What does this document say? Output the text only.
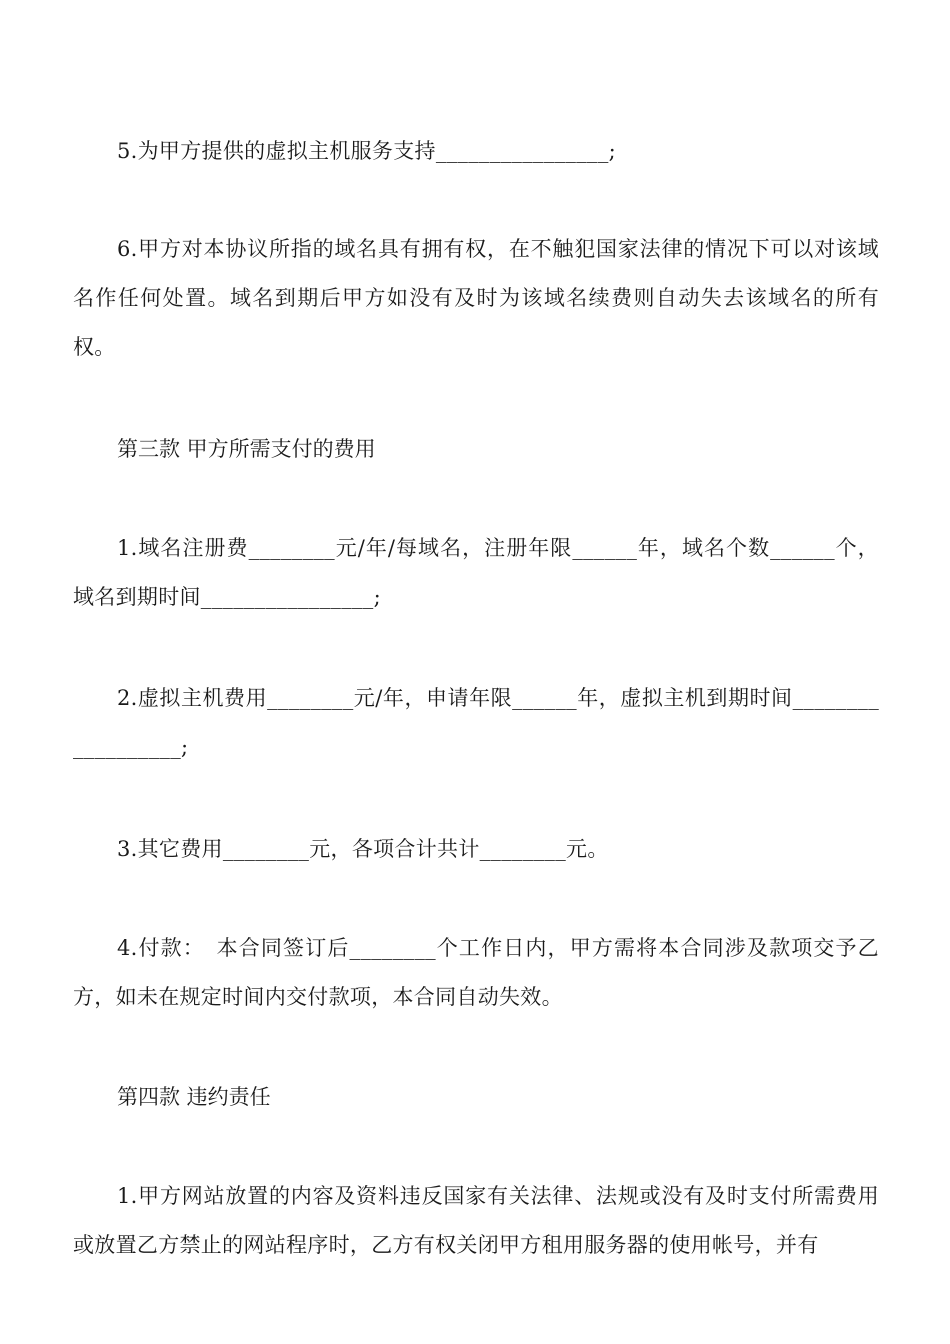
5.为甲方提供的虚拟主机服务支持________________;

6.甲方对本协议所指的域名具有拥有权，在不触犯国家法律的情况下可以对该域名作任何处置。域名到期后甲方如没有及时为该域名续费则自动失去该域名的所有权。

第三款 甲方所需支付的费用

1.域名注册费________元/年/每域名，注册年限______年，域名个数______个，域名到期时间________________;

2.虚拟主机费用________元/年，申请年限______年，虚拟主机到期时间__________________;

3.其它费用________元，各项合计共计________元。

4.付款：　本合同签订后________个工作日内，甲方需将本合同涉及款项交予乙方，如未在规定时间内交付款项，本合同自动失效。

第四款 违约责任

1.甲方网站放置的内容及资料违反国家有关法律、法规或没有及时支付所需费用或放置乙方禁止的网站程序时，乙方有权关闭甲方租用服务器的使用帐号，并有
